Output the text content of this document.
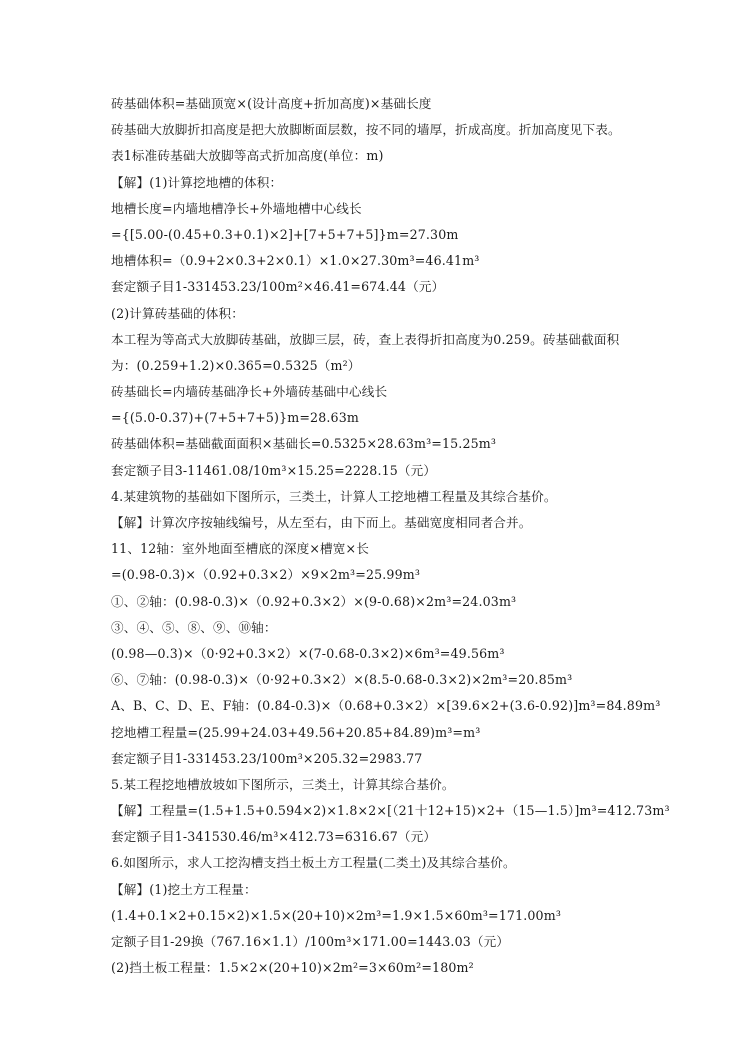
砖基础体积=基础顶宽×(设计高度+折加高度)×基础长度
砖基础大放脚折扣高度是把大放脚断面层数，按不同的墙厚，折成高度。折加高度见下表。
表1标准砖基础大放脚等高式折加高度(单位：m)
【解】(1)计算挖地槽的体积：
地槽长度=内墙地槽净长+外墙地槽中心线长
={[5.00-(0.45+0.3+0.1)×2]+[7+5+7+5]}m=27.30m
地槽体积=（0.9+2×0.3+2×0.1）×1.0×27.30m³=46.41m³
套定额子目1-331453.23/100m²×46.41=674.44（元）
(2)计算砖基础的体积：
本工程为等高式大放脚砖基础，放脚三层，砖，查上表得折扣高度为0.259。砖基础截面积
为：(0.259+1.2)×0.365=0.5325（m²）
砖基础长=内墙砖基础净长+外墙砖基础中心线长
={(5.0-0.37)+(7+5+7+5)}m=28.63m
砖基础体积=基础截面面积×基础长=0.5325×28.63m³=15.25m³
套定额子目3-11461.08/10m³×15.25=2228.15（元）
4.某建筑物的基础如下图所示，三类土，计算人工挖地槽工程量及其综合基价。
【解】计算次序按轴线编号，从左至右，由下而上。基础宽度相同者合并。
11、12轴：室外地面至槽底的深度×槽宽×长
=(0.98-0.3)×（0.92+0.3×2）×9×2m³=25.99m³
①、②轴：(0.98-0.3)×（0.92+0.3×2）×(9-0.68)×2m³=24.03m³
③、④、⑤、⑧、⑨、⑩轴：
(0.98—0.3)×（0·92+0.3×2）×(7-0.68-0.3×2)×6m³=49.56m³
⑥、⑦轴：(0.98-0.3)×（0·92+0.3×2）×(8.5-0.68-0.3×2)×2m³=20.85m³
A、B、C、D、E、F轴：(0.84-0.3)×（0.68+0.3×2）×[39.6×2+(3.6-0.92)]m³=84.89m³
挖地槽工程量=(25.99+24.03+49.56+20.85+84.89)m³=m³
套定额子目1-331453.23/100m³×205.32=2983.77
5.某工程挖地槽放坡如下图所示，三类土，计算其综合基价。
【解】工程量=(1.5+1.5+0.594×2)×1.8×2×[（21十12+15)×2+（15—1.5）]m³=412.73m³
套定额子目1-341530.46/m³×412.73=6316.67（元）
6.如图所示，求人工挖沟槽支挡土板土方工程量(二类土)及其综合基价。
【解】(1)挖土方工程量：
(1.4+0.1×2+0.15×2)×1.5×(20+10)×2m³=1.9×1.5×60m³=171.00m³
定额子目1-29换（767.16×1.1）/100m³×171.00=1443.03（元）
(2)挡土板工程量：1.5×2×(20+10)×2m²=3×60m²=180m²
